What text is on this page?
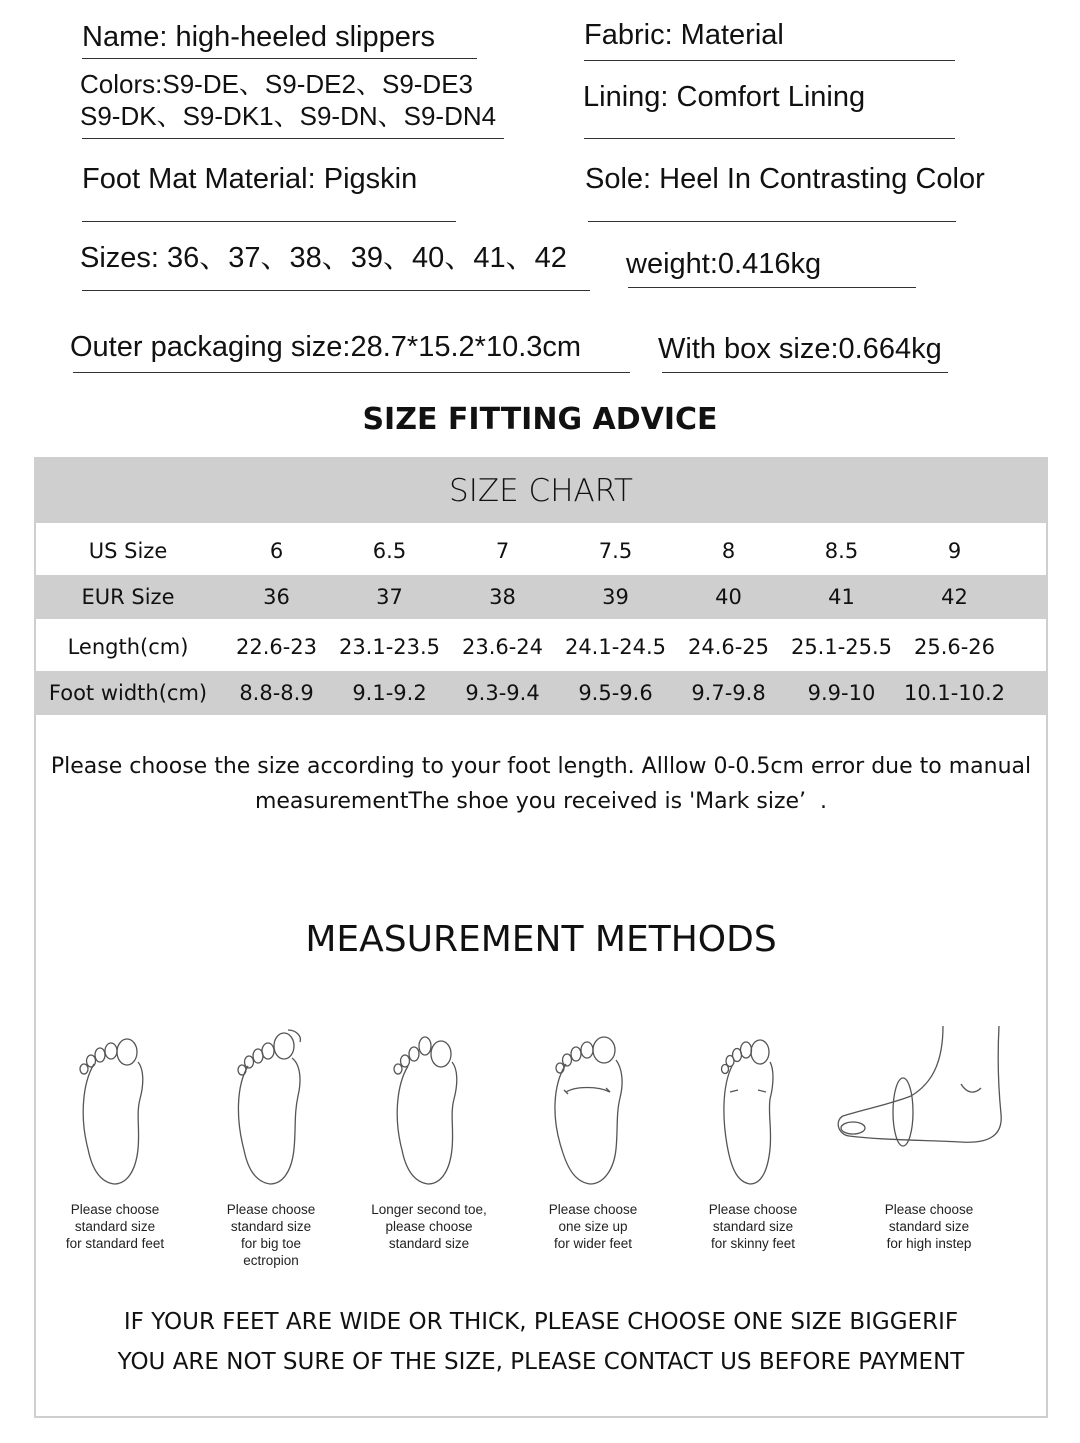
Name: high-heeled slippers
Colors:S9-DE、S9-DE2、S9-DE3
S9-DK、S9-DK1、S9-DN、S9-DN4
Fabric: Material
Lining: Comfort Lining
Foot Mat Material: Pigskin	Sole: Heel In Contrasting Color
Sizes: 36、37、38、39、40、41、42 weight:0.416kg
Outer packaging size:28.7*15.2*10.3cm	With box size:0.664kg
SIZE FITTING ADVICE
SIZE CHART
US Size	6	6.5	7	7.5	8	8.5	9
EUR Size	36	37	38	39	40	41	42
Length(cm)	22.6-23	23.1-23.5	23.6-24	24.1-24.5	24.6-25	25.1-25.5	25.6-26
Foot width(cm)	8.8-8.9	9.1-9.2	9.3-9.4	9.5-9.6	9.7-9.8	9.9-10	10.1-10.2
Please choose the size according to your foot length. Alllow 0-0.5cm error due to manual
measurementThe shoe you received is 'Mark size’  .
MEASUREMENT METHODS
Please choose
standard size
for standard feet
Please choose
standard size
for big toe
ectropion
Longer second toe,
please choose
standard size
Please choose
one size up
for wider feet
Please choose
standard size
for skinny feet
Please choose
standard size
for high instep
IF YOUR FEET ARE WIDE OR THICK, PLEASE CHOOSE ONE SIZE BIGGERIF
YOU ARE NOT SURE OF THE SIZE, PLEASE CONTACT US BEFORE PAYMENT
